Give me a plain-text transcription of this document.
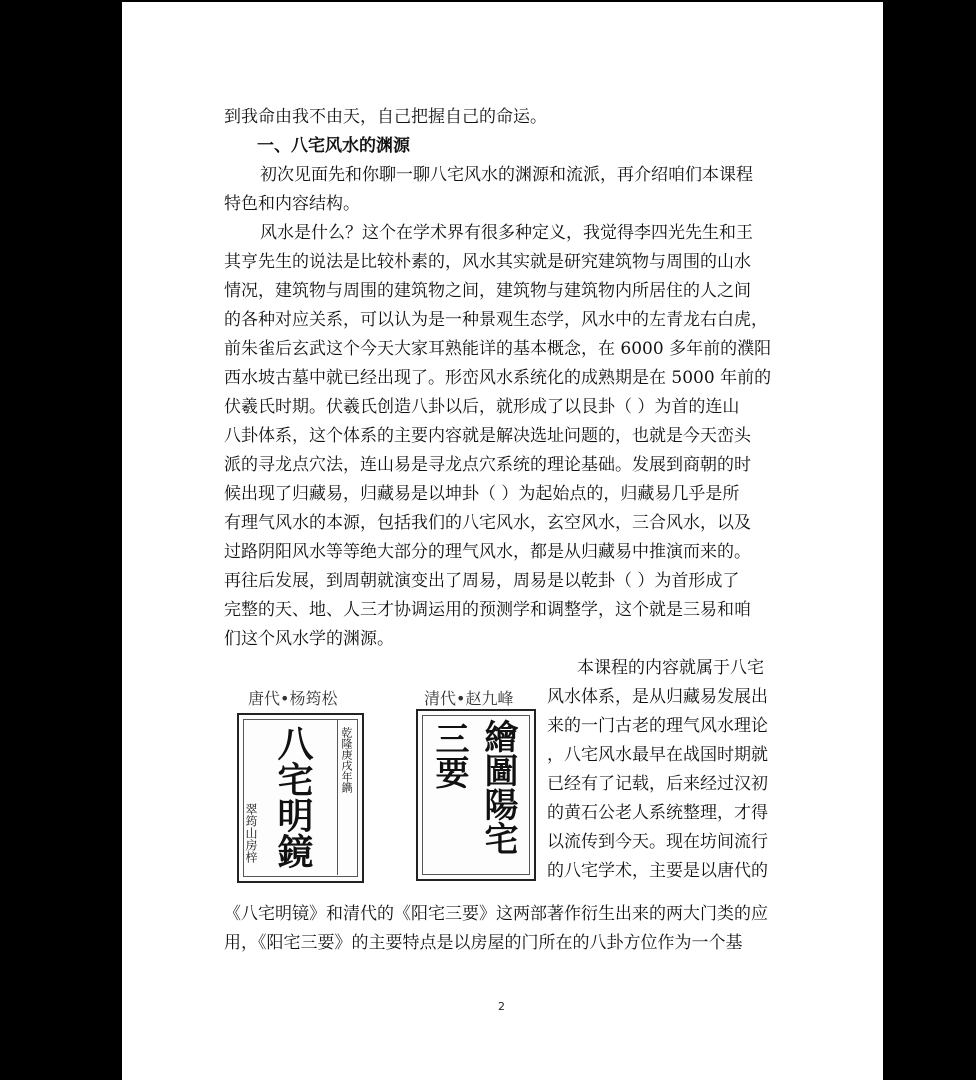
到我命由我不由天，自己把握自己的命运。
一、八宅风水的渊源
初次见面先和你聊一聊八宅风水的渊源和流派，再介绍咱们本课程
特色和内容结构。
风水是什么？这个在学术界有很多种定义，我觉得李四光先生和王
其亨先生的说法是比较朴素的，风水其实就是研究建筑物与周围的山水
情况，建筑物与周围的建筑物之间，建筑物与建筑物内所居住的人之间
的各种对应关系，可以认为是一种景观生态学，风水中的左青龙右白虎，
前朱雀后玄武这个今天大家耳熟能详的基本概念，在 6000 多年前的濮阳
西水坡古墓中就已经出现了。形峦风水系统化的成熟期是在 5000 年前的
伏羲氏时期。伏羲氏创造八卦以后，就形成了以艮卦（ ）为首的连山
八卦体系，这个体系的主要内容就是解决选址问题的，也就是今天峦头
派的寻龙点穴法，连山易是寻龙点穴系统的理论基础。发展到商朝的时
候出现了归藏易，归藏易是以坤卦（ ）为起始点的，归藏易几乎是所
有理气风水的本源，包括我们的八宅风水，玄空风水，三合风水，以及
过路阴阳风水等等绝大部分的理气风水，都是从归藏易中推演而来的。
再往后发展，到周朝就演变出了周易，周易是以乾卦（ ）为首形成了
完整的天、地、人三才协调运用的预测学和调整学，这个就是三易和咱
们这个风水学的渊源。
本课程的内容就属于八宅
风水体系，是从归藏易发展出
来的一门古老的理气风水理论
，八宅风水最早在战国时期就
已经有了记载，后来经过汉初
的黄石公老人系统整理，才得
以流传到今天。现在坊间流行
的八宅学术，主要是以唐代的
唐代•杨筠松
八宅明鏡 乾隆庚戌年鐫
翠筠山房梓
清代•赵九峰
繪圖陽宅
三要
《八宅明镜》和清代的《阳宅三要》这两部著作衍生出来的两大门类的应
用，《阳宅三要》的主要特点是以房屋的门所在的八卦方位作为一个基
2
